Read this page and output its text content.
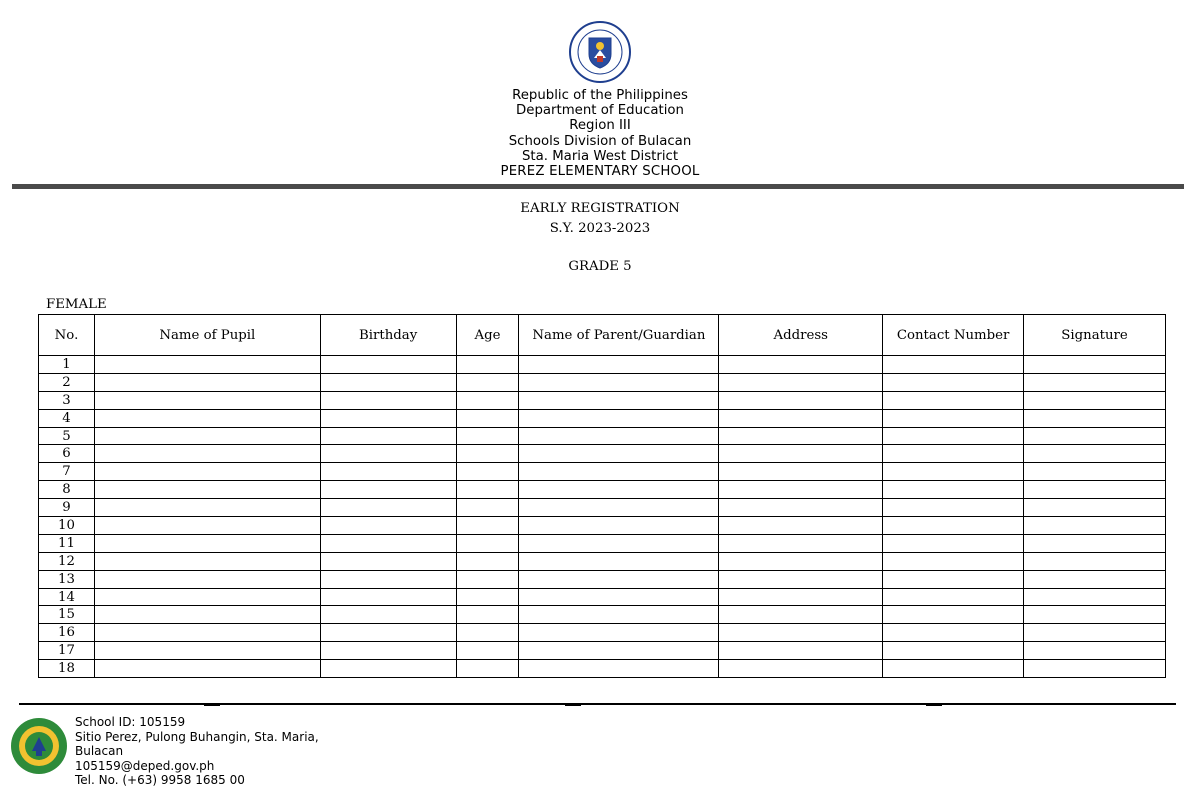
Republic of the Philippines
Department of Education
Region III
Schools Division of Bulacan
Sta. Maria West District
PEREZ ELEMENTARY SCHOOL
EARLY REGISTRATION
S.Y. 2023-2023
GRADE 5
FEMALE
No.	Name of Pupil	Birthday	Age	Name of Parent/Guardian	Address	Contact Number	Signature
1							
2							
3							
4							
5							
6							
7							
8							
9							
10							
11							
12							
13							
14							
15							
16							
17							
18							
School ID: 105159
Sitio Perez, Pulong Buhangin, Sta. Maria,
Bulacan
105159@deped.gov.ph
Tel. No. (+63) 9958 1685 00
